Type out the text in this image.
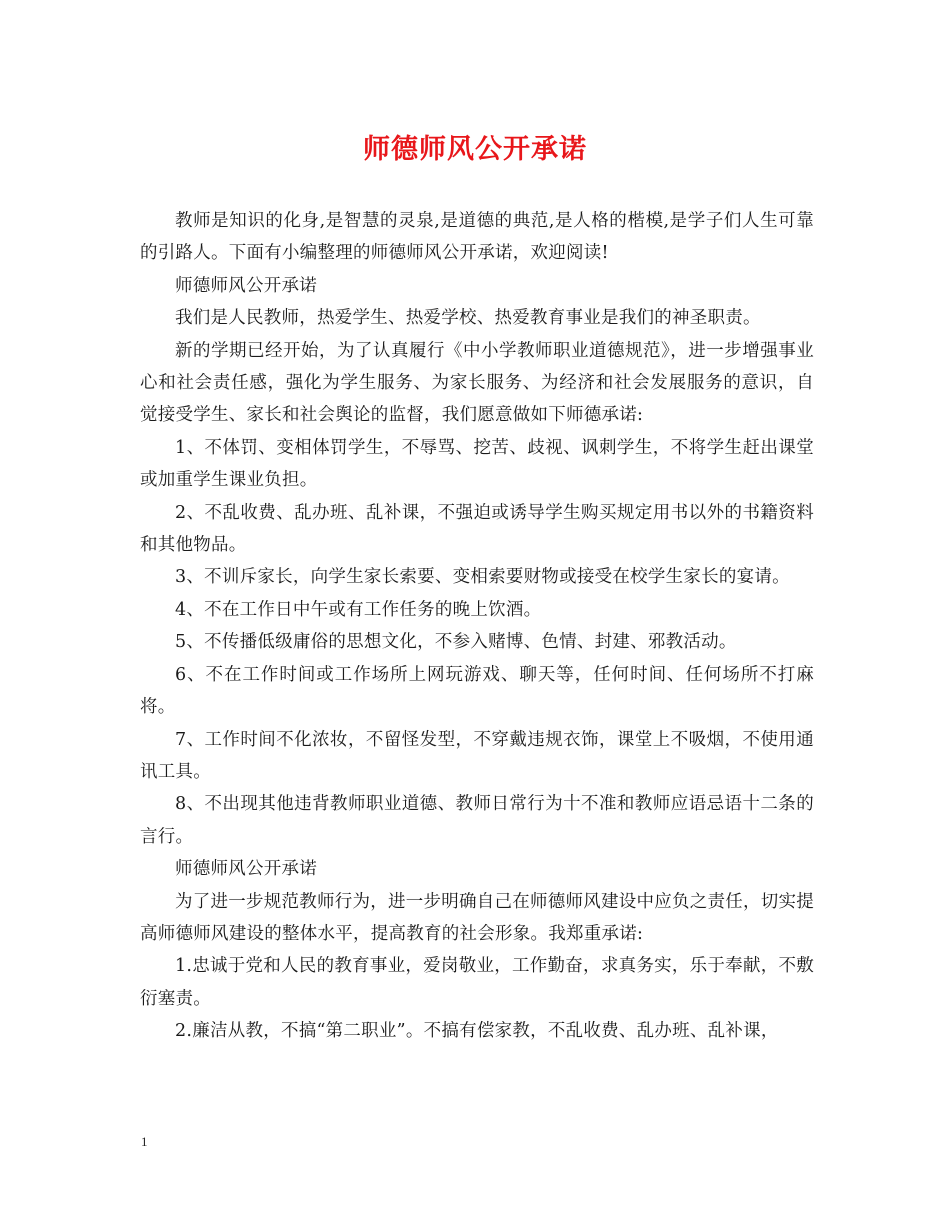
师德师风公开承诺

教师是知识的化身,是智慧的灵泉,是道德的典范,是人格的楷模,是学子们人生可靠的引路人。下面有小编整理的师德师风公开承诺，欢迎阅读!

师德师风公开承诺

我们是人民教师，热爱学生、热爱学校、热爱教育事业是我们的神圣职责。

新的学期已经开始，为了认真履行《中小学教师职业道德规范》，进一步增强事业心和社会责任感，强化为学生服务、为家长服务、为经济和社会发展服务的意识，自觉接受学生、家长和社会舆论的监督，我们愿意做如下师德承诺:

1、不体罚、变相体罚学生，不辱骂、挖苦、歧视、讽刺学生，不将学生赶出课堂或加重学生课业负担。

2、不乱收费、乱办班、乱补课，不强迫或诱导学生购买规定用书以外的书籍资料和其他物品。

3、不训斥家长，向学生家长索要、变相索要财物或接受在校学生家长的宴请。

4、不在工作日中午或有工作任务的晚上饮酒。

5、不传播低级庸俗的思想文化，不参入赌博、色情、封建、邪教活动。

6、不在工作时间或工作场所上网玩游戏、聊天等，任何时间、任何场所不打麻将。

7、工作时间不化浓妆，不留怪发型，不穿戴违规衣饰，课堂上不吸烟，不使用通讯工具。

8、不出现其他违背教师职业道德、教师日常行为十不准和教师应语忌语十二条的言行。

师德师风公开承诺

为了进一步规范教师行为，进一步明确自己在师德师风建设中应负之责任，切实提高师德师风建设的整体水平，提高教育的社会形象。我郑重承诺:

1.忠诚于党和人民的教育事业，爱岗敬业，工作勤奋，求真务实，乐于奉献，不敷衍塞责。

2.廉洁从教，不搞“第二职业”。不搞有偿家教，不乱收费、乱办班、乱补课，

1
